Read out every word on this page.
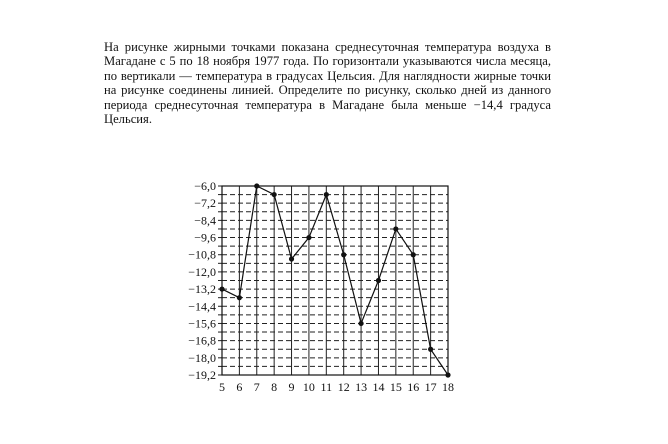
На рисунке жирными точками показана среднесуточная температура воздуха в Магадане с 5 по 18 ноября 1977 года. По горизонтали указываются числа месяца, по вертикали — температура в градусах Цельсия. Для наглядности жирные точки на рисунке соединены линией. Определите по рисунку, сколько дней из данного периода среднесуточная температура в Магадане была меньше −14,4 градуса Цельсия.

−6,0
−7,2
−8,4
−9,6
−10,8
−12,0
−13,2
−14,4
−15,6
−16,8
−18,0
−19,2
5 6 7 8 9 10 11 12 13 14 15 16 17 18
